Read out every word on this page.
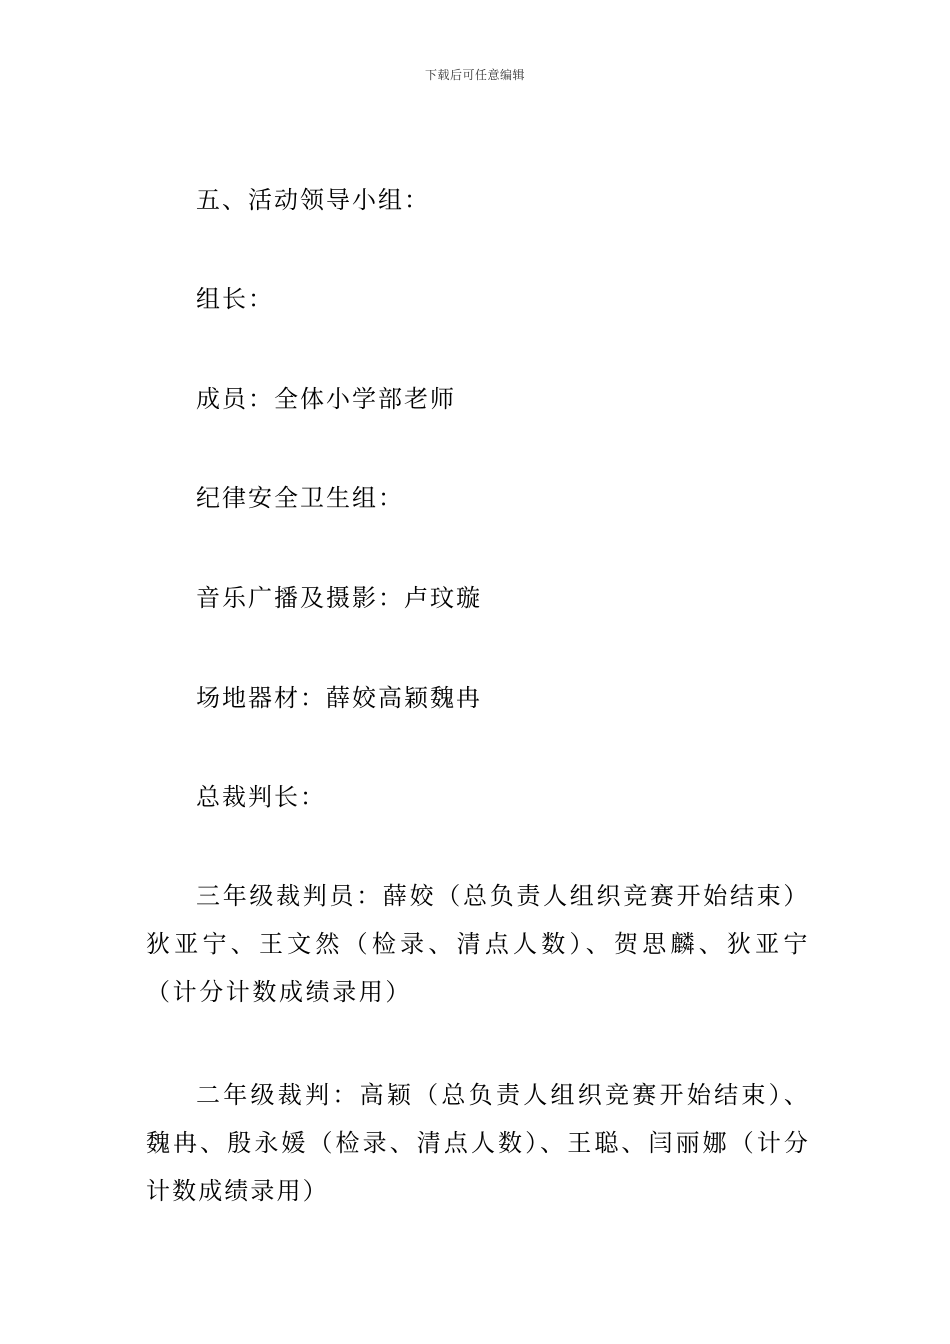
下载后可任意编辑

五、活动领导小组：

组长：

成员：全体小学部老师

纪律安全卫生组：

音乐广播及摄影：卢玟璇

场地器材：薛姣高颖魏冉

总裁判长：

三年级裁判员：薛姣（总负责人组织竞赛开始结束）狄亚宁、王文然（检录、清点人数）、贺思麟、狄亚宁（计分计数成绩录用）

二年级裁判：高颖（总负责人组织竞赛开始结束）、魏冉、殷永媛（检录、清点人数）、王聪、闫丽娜（计分计数成绩录用）
